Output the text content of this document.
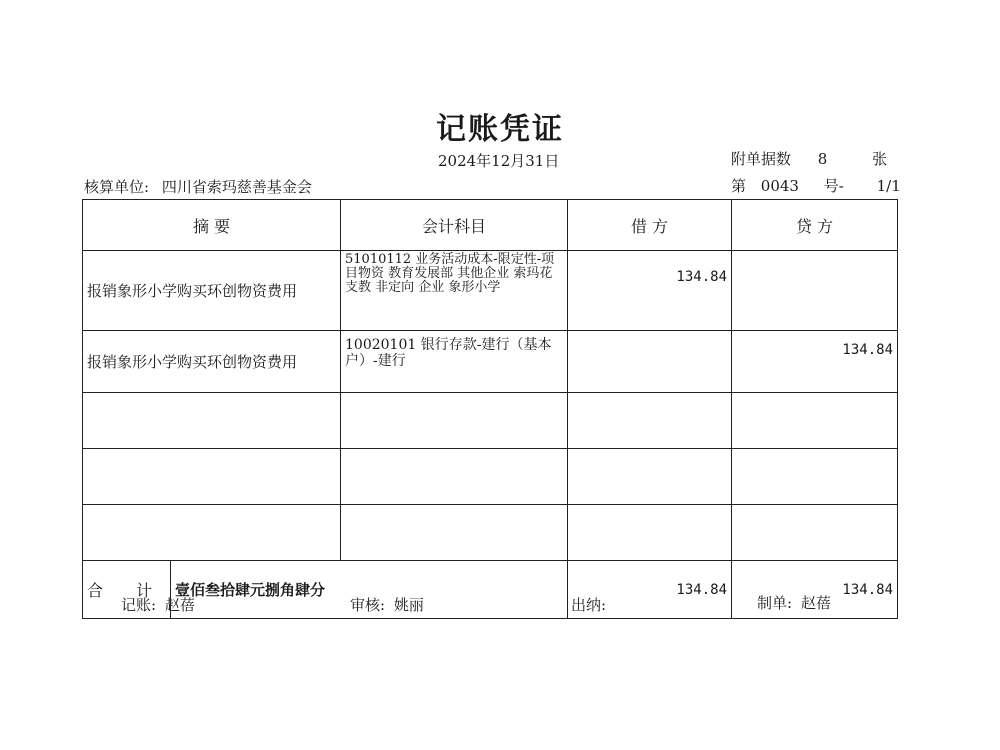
记账凭证
2024年12月31日	附单据数 8	张
核算单位: 四川省索玛慈善基金会	第 0043 号- 1/1
摘 要		会计科目	借 方	贷 方
报销象形小学购买环创物资费用		51010112 业务活动成本-限定性-项目物资 教育发展部 其他企业 索玛花支教 非定向 企业 象形小学	134.84	
报销象形小学购买环创物资费用		10020101 银行存款-建行（基本户）-建行		134.84

合 计	壹佰叁拾肆元捌角肆分		134.84	134.84
记账: 赵蓓	审核: 姚丽	出纳:	制单: 赵蓓
